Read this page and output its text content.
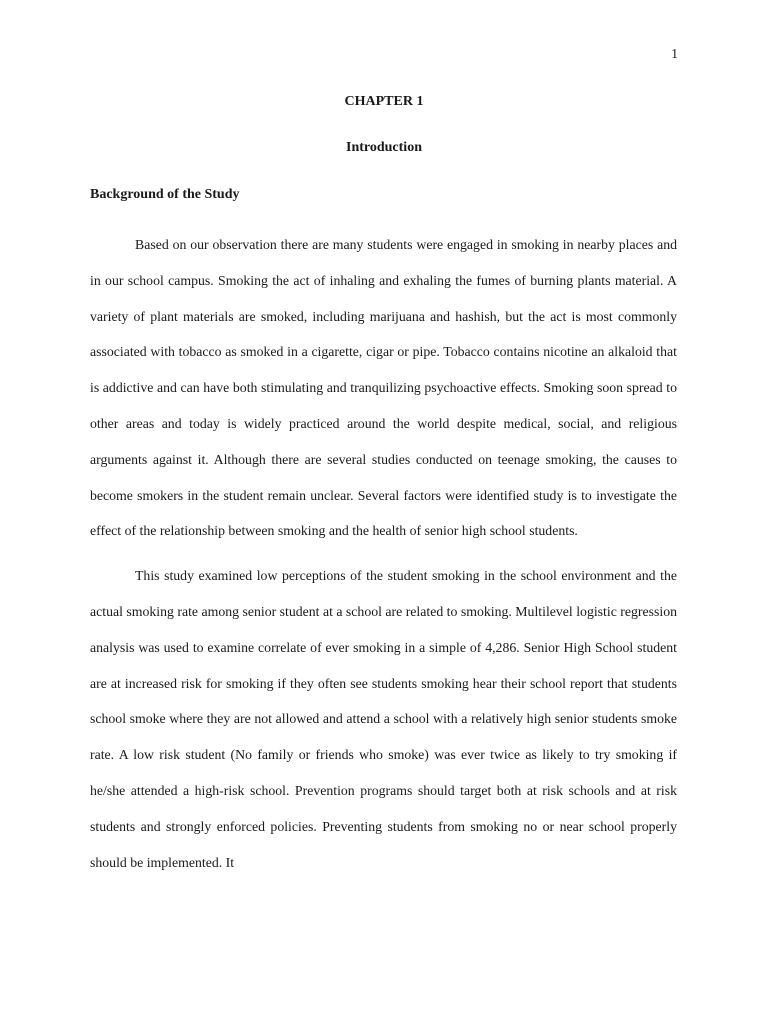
1
CHAPTER 1
Introduction
Background of the Study

Based on our observation there are many students were engaged in smoking in nearby places and in our school campus. Smoking the act of inhaling and exhaling the fumes of burning plants material. A variety of plant materials are smoked, including marijuana and hashish, but the act is most commonly associated with tobacco as smoked in a cigarette, cigar or pipe. Tobacco contains nicotine an alkaloid that is addictive and can have both stimulating and tranquilizing psychoactive effects. Smoking soon spread to other areas and today is widely practiced around the world despite medical, social, and religious arguments against it. Although there are several studies conducted on teenage smoking, the causes to become smokers in the student remain unclear. Several factors were identified study is to investigate the effect of the relationship between smoking and the health of senior high school students.

This study examined low perceptions of the student smoking in the school environment and the actual smoking rate among senior student at a school are related to smoking. Multilevel logistic regression analysis was used to examine correlate of ever smoking in a simple of 4,286. Senior High School student are at increased risk for smoking if they often see students smoking hear their school report that students school smoke where they are not allowed and attend a school with a relatively high senior students smoke rate. A low risk student (No family or friends who smoke) was ever twice as likely to try smoking if he/she attended a high-risk school. Prevention programs should target both at risk schools and at risk students and strongly enforced policies. Preventing students from smoking no or near school properly should be implemented. It
